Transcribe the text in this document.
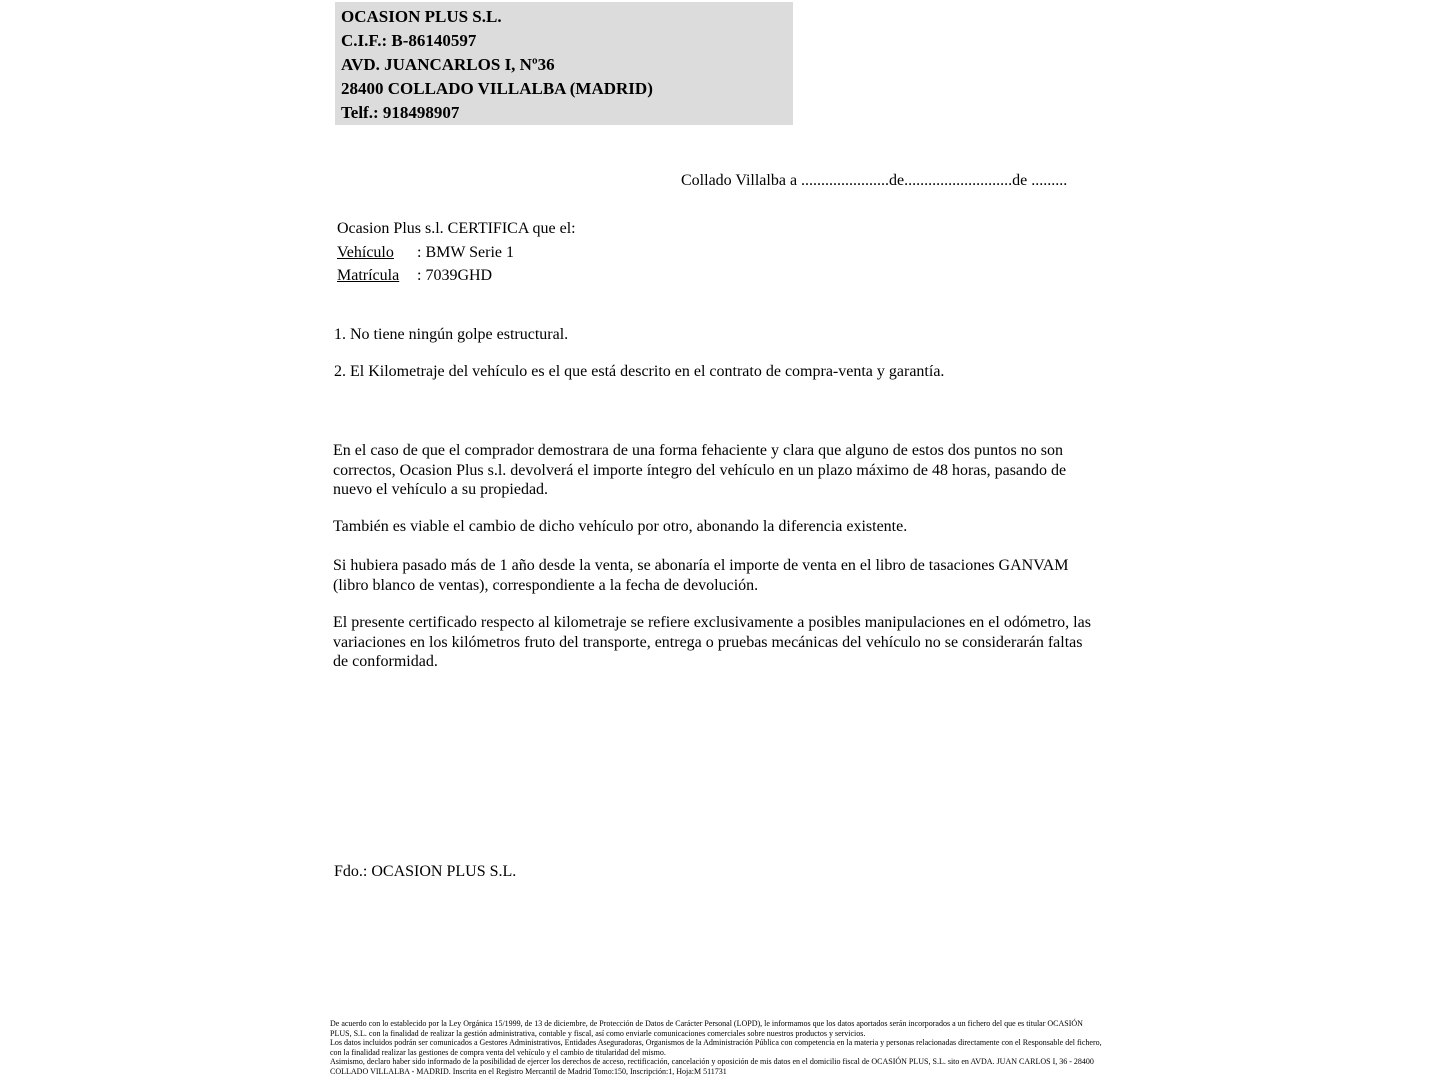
OCASION PLUS S.L.
C.I.F.: B-86140597
AVD. JUANCARLOS I, Nº36
28400 COLLADO VILLALBA (MADRID)
Telf.: 918498907
Collado Villalba a ......................de...........................de .........
Ocasion Plus s.l. CERTIFICA que el:
Vehículo : BMW Serie 1
Matrícula : 7039GHD
1. No tiene ningún golpe estructural.
2. El Kilometraje del vehículo es el que está descrito en el contrato de compra-venta y garantía.
En el caso de que el comprador demostrara de una forma fehaciente y clara que alguno de estos dos puntos no son correctos, Ocasion Plus s.l. devolverá el importe íntegro del vehículo en un plazo máximo de 48 horas, pasando de nuevo el vehículo a su propiedad.
También es viable el cambio de dicho vehículo por otro, abonando la diferencia existente.
Si hubiera pasado más de 1 año desde la venta, se abonaría el importe de venta en el libro de tasaciones GANVAM (libro blanco de ventas), correspondiente a la fecha de devolución.
El presente certificado respecto al kilometraje se refiere exclusivamente a posibles manipulaciones en el odómetro, las variaciones en los kilómetros fruto del transporte, entrega o pruebas mecánicas del vehículo no se considerarán faltas de conformidad.
Fdo.: OCASION PLUS S.L.

De acuerdo con lo establecido por la Ley Orgánica 15/1999, de 13 de diciembre, de Protección de Datos de Carácter Personal (LOPD), le informamos que los datos aportados serán incorporados a un fichero del que es titular OCASIÓN PLUS, S.L. con la finalidad de realizar la gestión administrativa, contable y fiscal, así como enviarle comunicaciones comerciales sobre nuestros productos y servicios.

Los datos incluidos podrán ser comunicados a Gestores Administrativos, Entidades Aseguradoras, Organismos de la Administración Pública con competencia en la materia y personas relacionadas directamente con el Responsable del fichero, con la finalidad realizar las gestiones de compra venta del vehículo y el cambio de titularidad del mismo.

Asimismo, declaro haber sido informado de la posibilidad de ejercer los derechos de acceso, rectificación, cancelación y oposición de mis datos en el domicilio fiscal de OCASIÓN PLUS, S.L. sito en AVDA. JUAN CARLOS I, 36 - 28400 COLLADO VILLALBA - MADRID. Inscrita en el Registro Mercantil de Madrid Tomo:150, Inscripción:1, Hoja:M 511731
